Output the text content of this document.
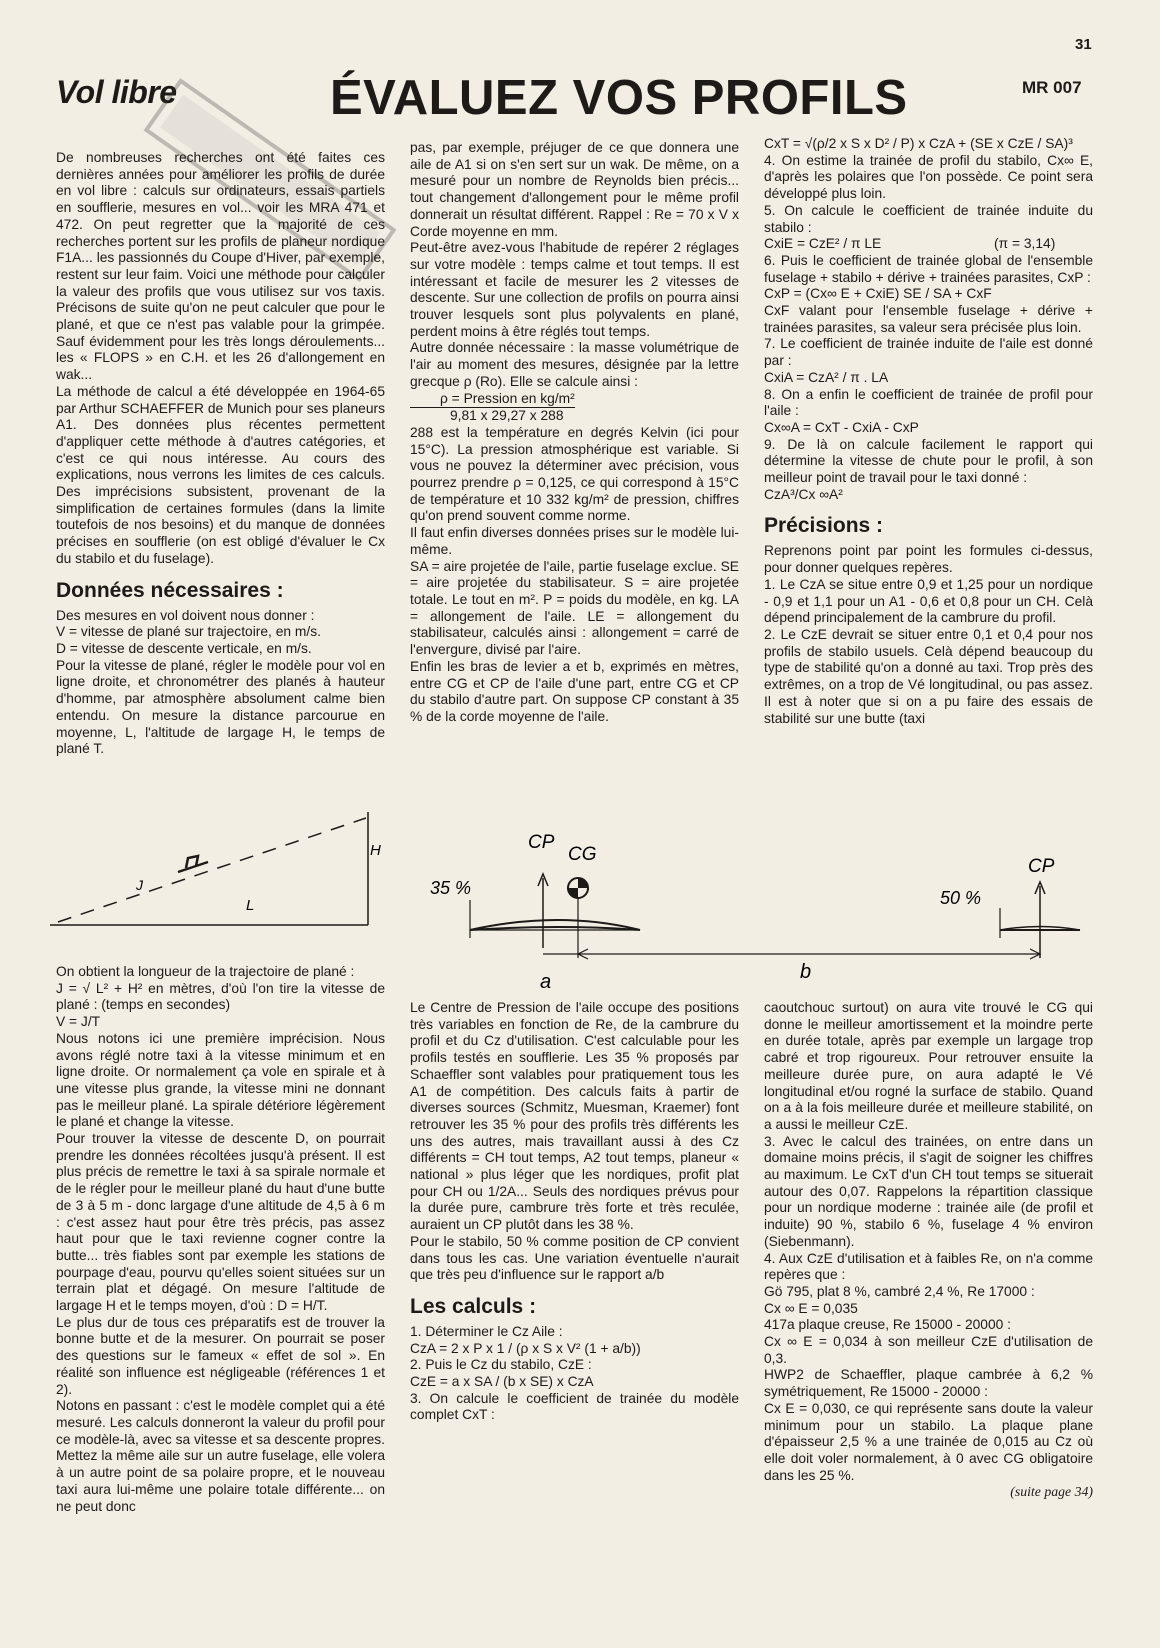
31
Vol libre	ÉVALUEZ VOS PROFILS	MR 007

De nombreuses recherches ont été faites ces dernières années pour améliorer les profils de durée en vol libre : calculs sur ordinateurs, essais partiels en soufflerie, mesures en vol... voir les MRA 471 et 472. On peut regretter que la majorité de ces recherches portent sur les profils de planeur nordique F1A... les passionnés du Coupe d'Hiver, par exemple, restent sur leur faim. Voici une méthode pour calculer la valeur des profils que vous utilisez sur vos taxis. Précisons de suite qu'on ne peut calculer que pour le plané, et que ce n'est pas valable pour la grimpée. Sauf évidemment pour les très longs déroulements... les « FLOPS » en C.H. et les 26 d'allongement en wak...

La méthode de calcul a été développée en 1964-65 par Arthur SCHAEFFER de Munich pour ses planeurs A1. Des données plus récentes permettent d'appliquer cette méthode à d'autres catégories, et c'est ce qui nous intéresse. Au cours des explications, nous verrons les limites de ces calculs. Des imprécisions subsistent, provenant de la simplification de certaines formules (dans la limite toutefois de nos besoins) et du manque de données précises en soufflerie (on est obligé d'évaluer le Cx du stabilo et du fuselage).

Données nécessaires :

Des mesures en vol doivent nous donner :

V = vitesse de plané sur trajectoire, en m/s.

D = vitesse de descente verticale, en m/s.

Pour la vitesse de plané, régler le modèle pour vol en ligne droite, et chronométrer des planés à hauteur d'homme, par atmosphère absolument calme bien entendu. On mesure la distance parcourue en moyenne, L, l'altitude de largage H, le temps de plané T.

H
L
J

On obtient la longueur de la trajectoire de plané :

J = √ L² + H² en mètres, d'où l'on tire la vitesse de plané : (temps en secondes)

V = J/T

Nous notons ici une première imprécision. Nous avons réglé notre taxi à la vitesse minimum et en ligne droite. Or normalement ça vole en spirale et à une vitesse plus grande, la vitesse mini ne donnant pas le meilleur plané. La spirale détériore légèrement le plané et change la vitesse.

Pour trouver la vitesse de descente D, on pourrait prendre les données récoltées jusqu'à présent. Il est plus précis de remettre le taxi à sa spirale normale et de le régler pour le meilleur plané du haut d'une butte de 3 à 5 m - donc largage d'une altitude de 4,5 à 6 m : c'est assez haut pour être très précis, pas assez haut pour que le taxi revienne cogner contre la butte... très fiables sont par exemple les stations de pourpage d'eau, pourvu qu'elles soient situées sur un terrain plat et dégagé. On mesure l'altitude de largage H et le temps moyen, d'où : D = H/T.

Le plus dur de tous ces préparatifs est de trouver la bonne butte et de la mesurer. On pourrait se poser des questions sur le fameux « effet de sol ». En réalité son influence est négligeable (références 1 et 2).

Notons en passant : c'est le modèle complet qui a été mesuré. Les calculs donneront la valeur du profil pour ce modèle-là, avec sa vitesse et sa descente propres. Mettez la même aile sur un autre fuselage, elle volera à un autre point de sa polaire propre, et le nouveau taxi aura lui-même une polaire totale différente... on ne peut donc

pas, par exemple, préjuger de ce que donnera une aile de A1 si on s'en sert sur un wak. De même, on a mesuré pour un nombre de Reynolds bien précis... tout changement d'allongement pour le même profil donnerait un résultat différent. Rappel : Re = 70 x V x Corde moyenne en mm.

Peut-être avez-vous l'habitude de repérer 2 réglages sur votre modèle : temps calme et tout temps. Il est intéressant et facile de mesurer les 2 vitesses de descente. Sur une collection de profils on pourra ainsi trouver lesquels sont plus polyvalents en plané, perdent moins à être réglés tout temps.

Autre donnée nécessaire : la masse volumétrique de l'air au moment des mesures, désignée par la lettre grecque ρ (Ro). Elle se calcule ainsi :

ρ = Pression en kg/m²

9,81 x 29,27 x 288

288 est la température en degrés Kelvin (ici pour 15°C). La pression atmosphérique est variable. Si vous ne pouvez la déterminer avec précision, vous pourrez prendre ρ = 0,125, ce qui correspond à 15°C de température et 10 332 kg/m² de pression, chiffres qu'on prend souvent comme norme.

Il faut enfin diverses données prises sur le modèle lui-même.

SA = aire projetée de l'aile, partie fuselage exclue. SE = aire projetée du stabilisateur. S = aire projetée totale. Le tout en m². P = poids du modèle, en kg. LA = allongement de l'aile. LE = allongement du stabilisateur, calculés ainsi : allongement = carré de l'envergure, divisé par l'aire.

Enfin les bras de levier a et b, exprimés en mètres, entre CG et CP de l'aile d'une part, entre CG et CP du stabilo d'autre part. On suppose CP constant à 35 % de la corde moyenne de l'aile.

CP
CG
35 %	50 %
CP
a	b

Le Centre de Pression de l'aile occupe des positions très variables en fonction de Re, de la cambrure du profil et du Cz d'utilisation. C'est calculable pour les profils testés en soufflerie. Les 35 % proposés par Schaeffler sont valables pour pratiquement tous les A1 de compétition. Des calculs faits à partir de diverses sources (Schmitz, Muesman, Kraemer) font retrouver les 35 % pour des profils très différents les uns des autres, mais travaillant aussi à des Cz différents = CH tout temps, A2 tout temps, planeur « national » plus léger que les nordiques, profit plat pour CH ou 1/2A... Seuls des nordiques prévus pour la durée pure, cambrure très forte et très reculée, auraient un CP plutôt dans les 38 %.

Pour le stabilo, 50 % comme position de CP convient dans tous les cas. Une variation éventuelle n'aurait que très peu d'influence sur le rapport a/b

Les calculs :

1. Déterminer le Cz Aile :

CzA = 2 x P x 1 / (ρ x S x V² (1 + a/b))

2. Puis le Cz du stabilo, CzE :

CzE = a x SA / (b x SE) x CzA

3. On calcule le coefficient de trainée du modèle complet CxT :

CxT = √(ρ/2 x S x D² / P) x CzA + (SE x CzE / SA)³

4. On estime la trainée de profil du stabilo, Cx∞ E, d'après les polaires que l'on possède. Ce point sera développé plus loin.

5. On calcule le coefficient de trainée induite du stabilo :

CxiE = CzE² / π LE	(π = 3,14)

6. Puis le coefficient de trainée global de l'ensemble fuselage + stabilo + dérive + trainées parasites, CxP :

CxP = (Cx∞ E + CxiE) SE / SA + CxF

CxF valant pour l'ensemble fuselage + dérive + trainées parasites, sa valeur sera précisée plus loin.

7. Le coefficient de trainée induite de l'aile est donné par :

CxiA = CzA² / π . LA

8. On a enfin le coefficient de trainée de profil pour l'aile :

Cx∞A = CxT - CxiA - CxP

9. De là on calcule facilement le rapport qui détermine la vitesse de chute pour le profil, à son meilleur point de travail pour le taxi donné :

CzA³/Cx ∞A²

Précisions :

Reprenons point par point les formules ci-dessus, pour donner quelques repères.

1. Le CzA se situe entre 0,9 et 1,25 pour un nordique - 0,9 et 1,1 pour un A1 - 0,6 et 0,8 pour un CH. Celà dépend principalement de la cambrure du profil.

2. Le CzE devrait se situer entre 0,1 et 0,4 pour nos profils de stabilo usuels. Celà dépend beaucoup du type de stabilité qu'on a donné au taxi. Trop près des extrêmes, on a trop de Vé longitudinal, ou pas assez. Il est à noter que si on a pu faire des essais de stabilité sur une butte (taxi

caoutchouc surtout) on aura vite trouvé le CG qui donne le meilleur amortissement et la moindre perte en durée totale, après par exemple un largage trop cabré et trop rigoureux. Pour retrouver ensuite la meilleure durée pure, on aura adapté le Vé longitudinal et/ou rogné la surface de stabilo. Quand on a à la fois meilleure durée et meilleure stabilité, on a aussi le meilleur CzE.

3. Avec le calcul des trainées, on entre dans un domaine moins précis, il s'agit de soigner les chiffres au maximum. Le CxT d'un CH tout temps se situerait autour des 0,07. Rappelons la répartition classique pour un nordique moderne : trainée aile (de profil et induite) 90 %, stabilo 6 %, fuselage 4 % environ (Siebenmann).

4. Aux CzE d'utilisation et à faibles Re, on n'a comme repères que :

Gö 795, plat 8 %, cambré 2,4 %, Re 17000 :

Cx ∞ E = 0,035

417a plaque creuse, Re 15000 - 20000 :

Cx ∞ E = 0,034 à son meilleur CzE d'utilisation de 0,3.

HWP2 de Schaeffler, plaque cambrée à 6,2 % symétriquement, Re 15000 - 20000 :

Cx E = 0,030, ce qui représente sans doute la valeur minimum pour un stabilo. La plaque plane d'épaisseur 2,5 % a une trainée de 0,015 au Cz où elle doit voler normalement, à 0 avec CG obligatoire dans les 25 %.

(suite page 34)
